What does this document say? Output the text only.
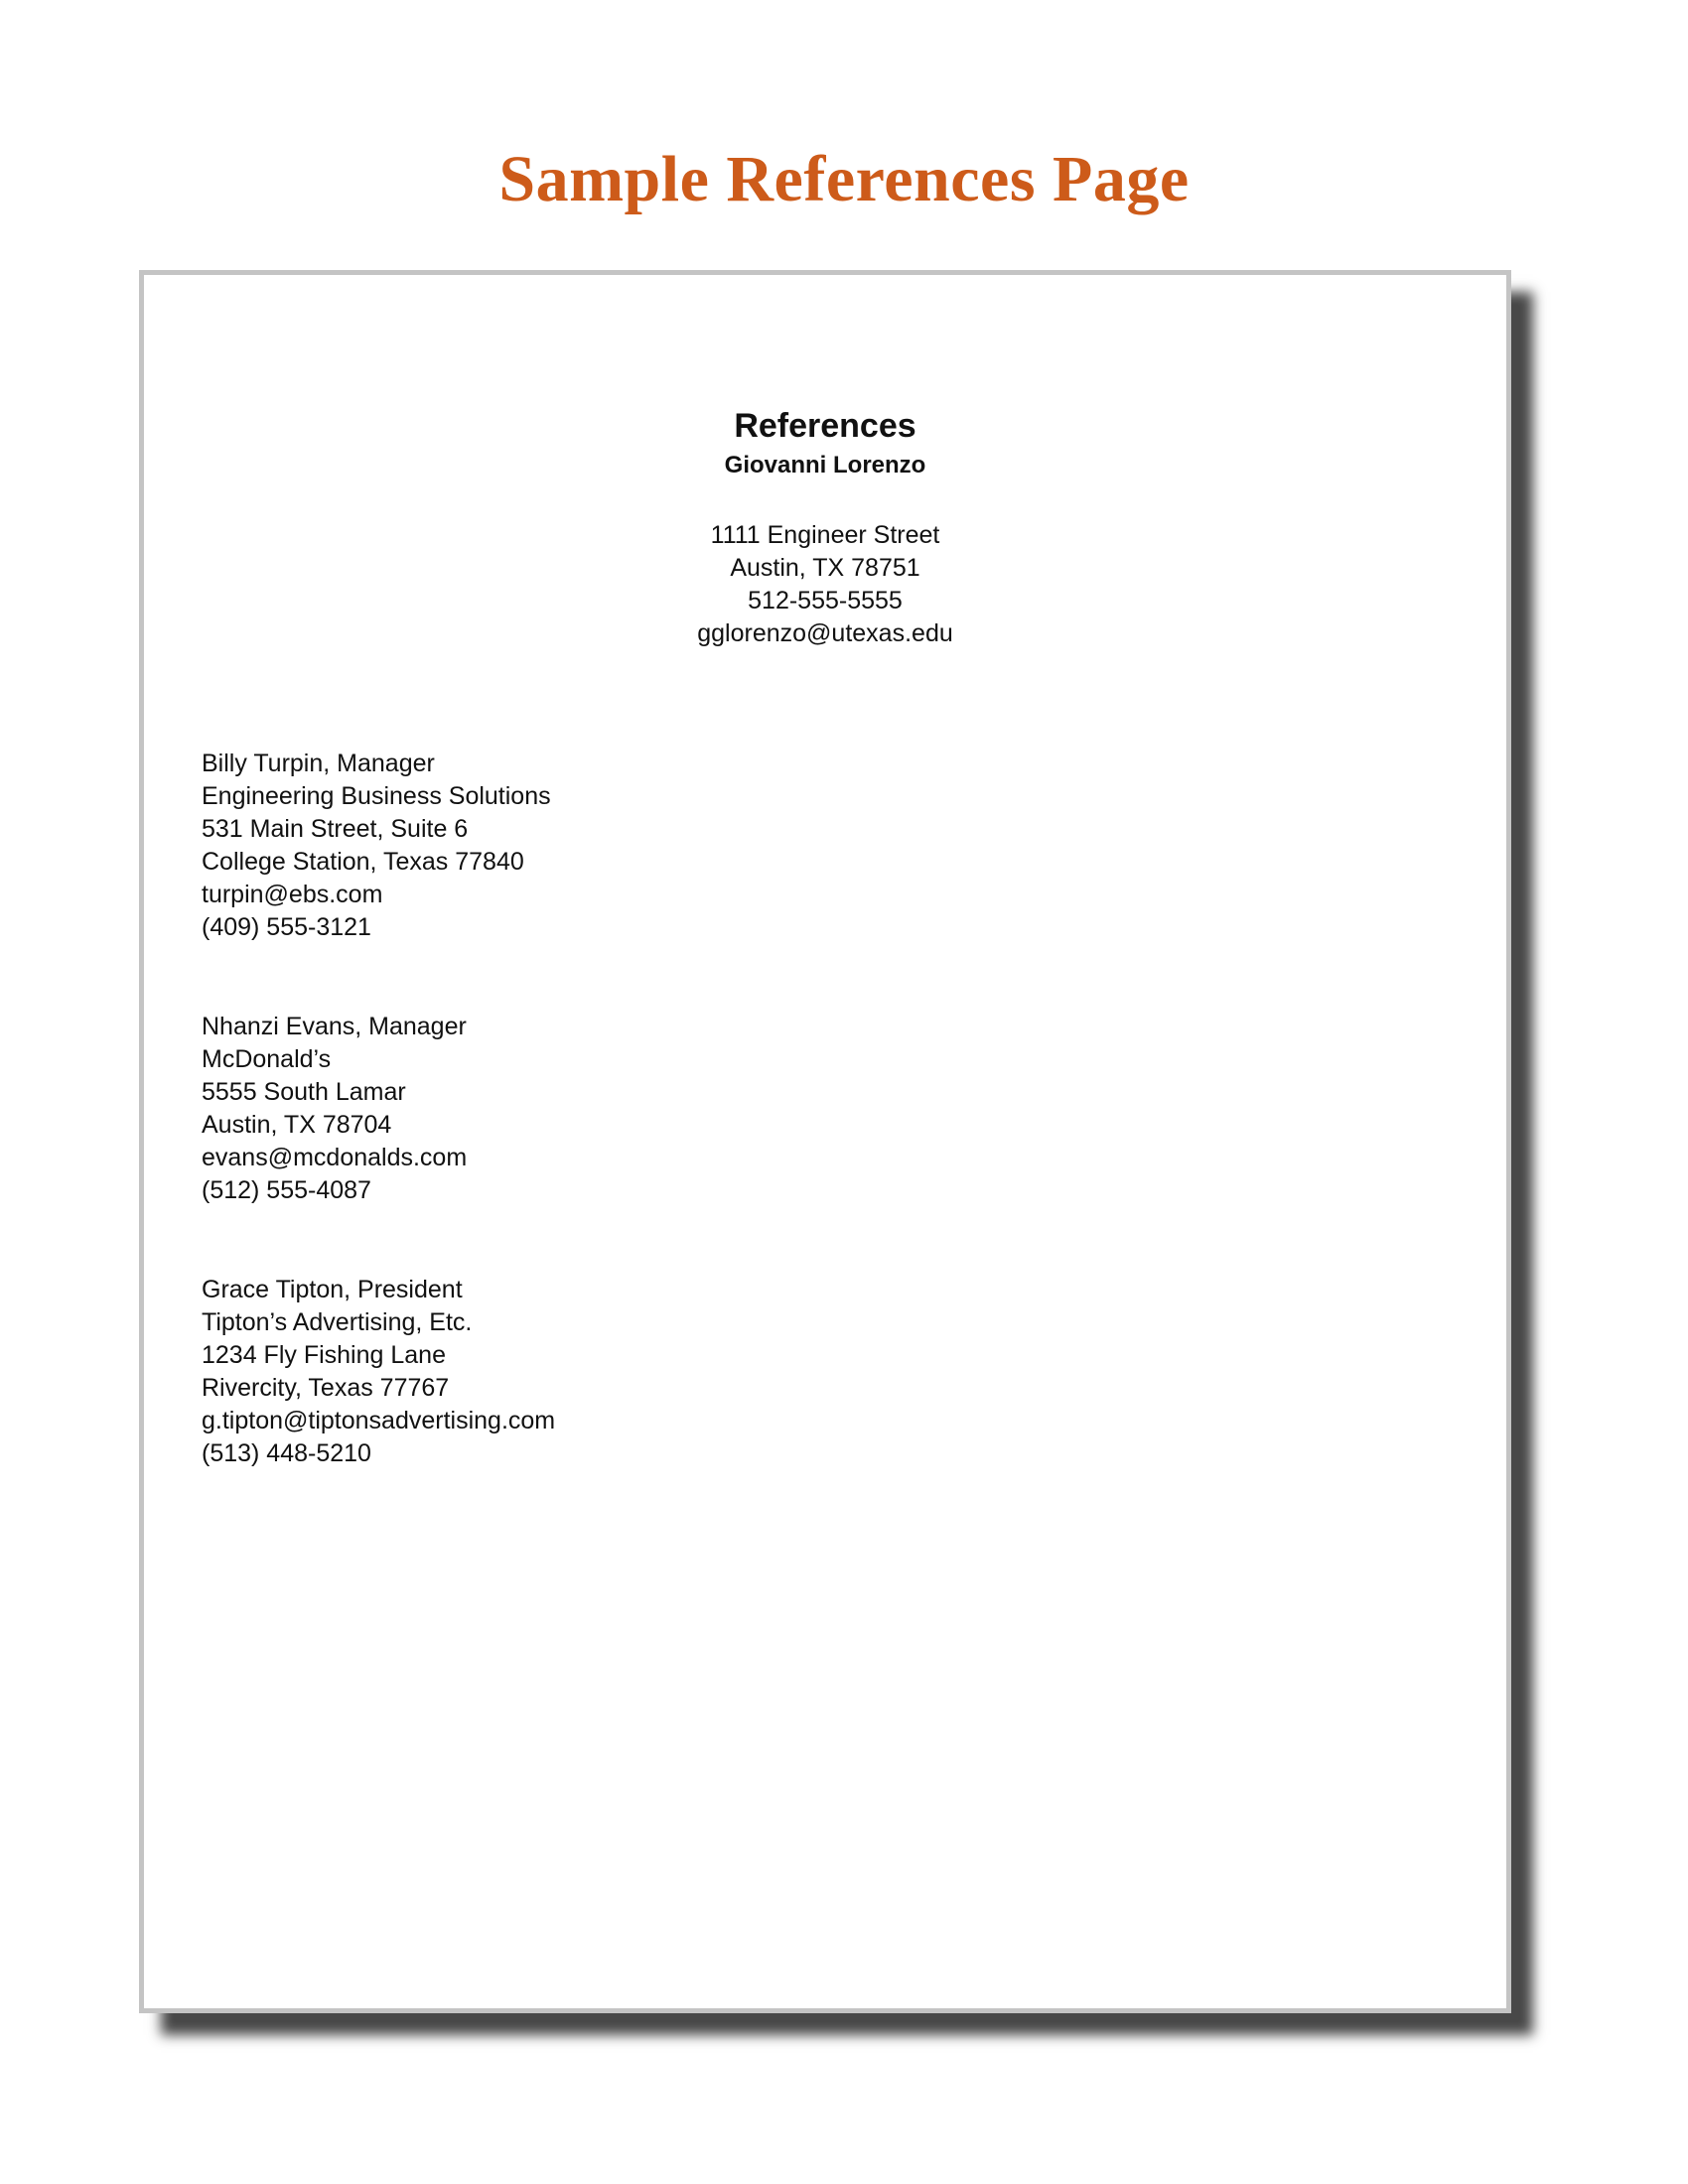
Sample References Page
References
Giovanni Lorenzo
1111 Engineer Street
Austin, TX 78751
512-555-5555
gglorenzo@utexas.edu
Billy Turpin, Manager
Engineering Business Solutions
531 Main Street, Suite 6
College Station, Texas 77840
turpin@ebs.com
(409) 555-3121
Nhanzi Evans, Manager
McDonald’s
5555 South Lamar
Austin, TX 78704
evans@mcdonalds.com
(512) 555-4087
Grace Tipton, President
Tipton’s Advertising, Etc.
1234 Fly Fishing Lane
Rivercity, Texas 77767
g.tipton@tiptonsadvertising.com
(513) 448-5210
